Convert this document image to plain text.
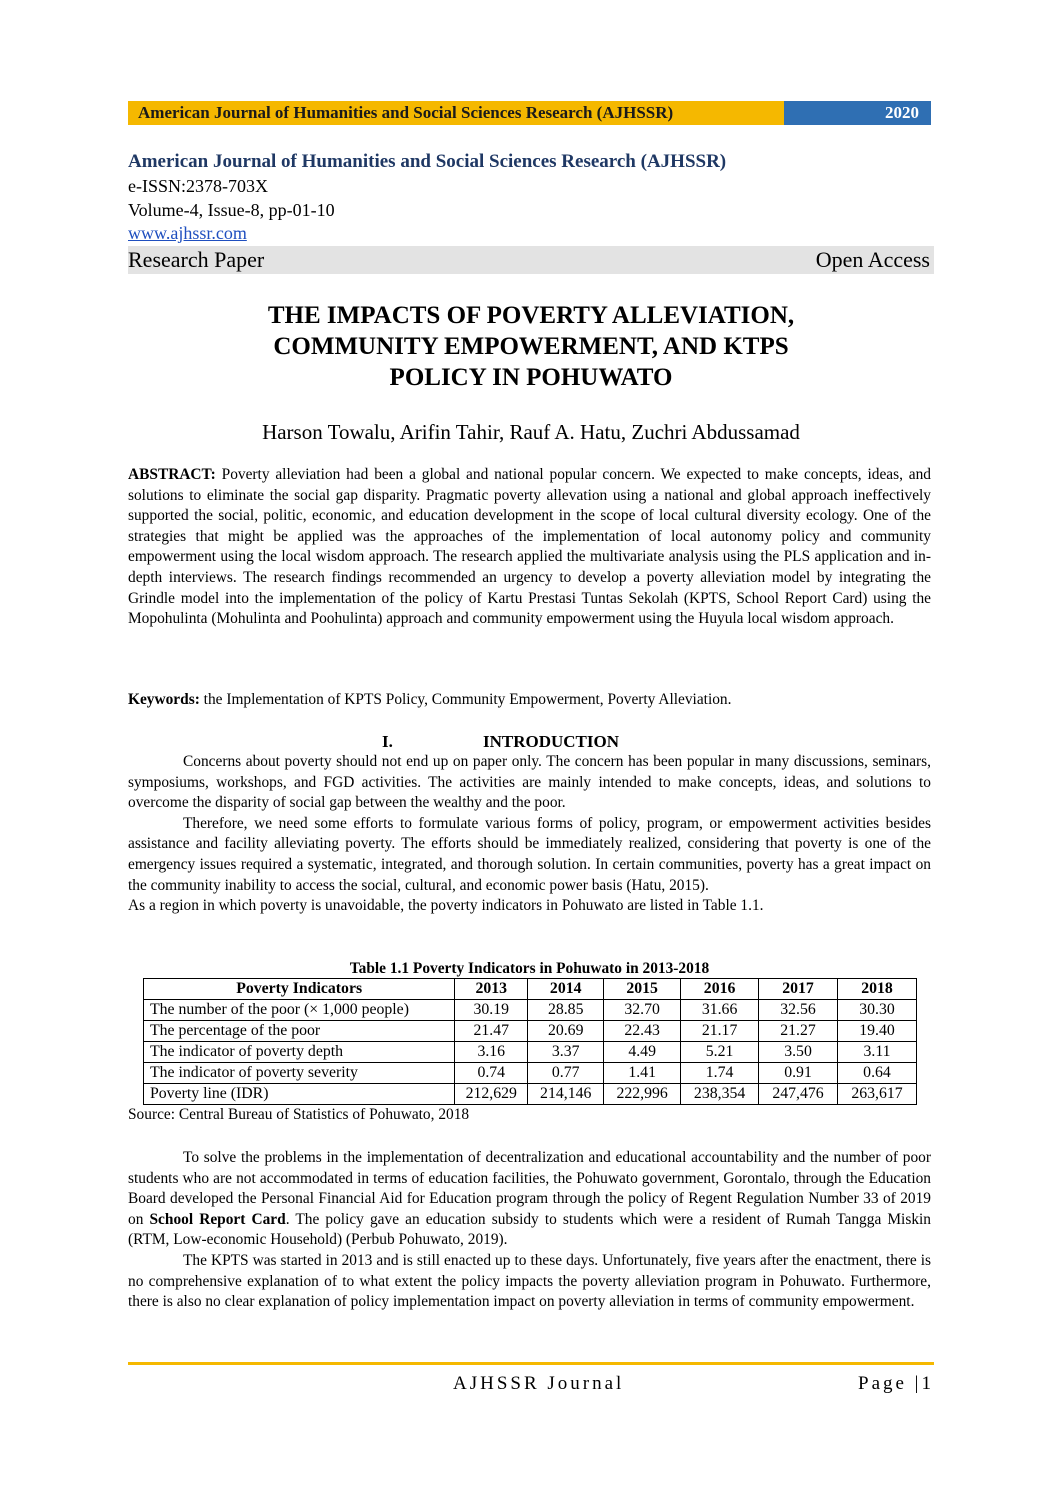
American Journal of Humanities and Social Sciences Research (AJHSSR)	2020
American Journal of Humanities and Social Sciences Research (AJHSSR)
e-ISSN:2378-703X
Volume-4, Issue-8, pp-01-10
www.ajhssr.com
Research Paper	Open Access
THE IMPACTS OF POVERTY ALLEVIATION,
COMMUNITY EMPOWERMENT, AND KTPS
POLICY IN POHUWATO
Harson Towalu, Arifin Tahir, Rauf A. Hatu, Zuchri Abdussamad
ABSTRACT: Poverty alleviation had been a global and national popular concern. We expected to make concepts, ideas, and solutions to eliminate the social gap disparity. Pragmatic poverty allevation using a national and global approach ineffectively supported the social, politic, economic, and education development in the scope of local cultural diversity ecology. One of the strategies that might be applied was the approaches of the implementation of local autonomy policy and community empowerment using the local wisdom approach. The research applied the multivariate analysis using the PLS application and in-depth interviews. The research findings recommended an urgency to develop a poverty alleviation model by integrating the Grindle model into the implementation of the policy of Kartu Prestasi Tuntas Sekolah (KPTS, School Report Card) using the Mopohulinta (Mohulinta and Poohulinta) approach and community empowerment using the Huyula local wisdom approach.
Keywords: the Implementation of KPTS Policy, Community Empowerment, Poverty Alleviation.
I.	INTRODUCTION

Concerns about poverty should not end up on paper only. The concern has been popular in many discussions, seminars, symposiums, workshops, and FGD activities. The activities are mainly intended to make concepts, ideas, and solutions to overcome the disparity of social gap between the wealthy and the poor.

Therefore, we need some efforts to formulate various forms of policy, program, or empowerment activities besides assistance and facility alleviating poverty. The efforts should be immediately realized, considering that poverty is one of the emergency issues required a systematic, integrated, and thorough solution. In certain communities, poverty has a great impact on the community inability to access the social, cultural, and economic power basis (Hatu, 2015).

As a region in which poverty is unavoidable, the poverty indicators in Pohuwato are listed in Table 1.1.

Table 1.1 Poverty Indicators in Pohuwato in 2013-2018
Poverty Indicators	2013	2014	2015	2016	2017	2018
The number of the poor (× 1,000 people)	30.19	28.85	32.70	31.66	32.56	30.30
The percentage of the poor	21.47	20.69	22.43	21.17	21.27	19.40
The indicator of poverty depth	3.16	3.37	4.49	5.21	3.50	3.11
The indicator of poverty severity	0.74	0.77	1.41	1.74	0.91	0.64
Poverty line (IDR)	212,629	214,146	222,996	238,354	247,476	263,617
Source: Central Bureau of Statistics of Pohuwato, 2018

To solve the problems in the implementation of decentralization and educational accountability and the number of poor students who are not accommodated in terms of education facilities, the Pohuwato government, Gorontalo, through the Education Board developed the Personal Financial Aid for Education program through the policy of Regent Regulation Number 33 of 2019 on School Report Card. The policy gave an education subsidy to students which were a resident of Rumah Tangga Miskin (RTM, Low-economic Household) (Perbub Pohuwato, 2019).

The KPTS was started in 2013 and is still enacted up to these days. Unfortunately, five years after the enactment, there is no comprehensive explanation of to what extent the policy impacts the poverty alleviation program in Pohuwato. Furthermore, there is also no clear explanation of policy implementation impact on poverty alleviation in terms of community empowerment.

AJHSSR Journal	Page |1
